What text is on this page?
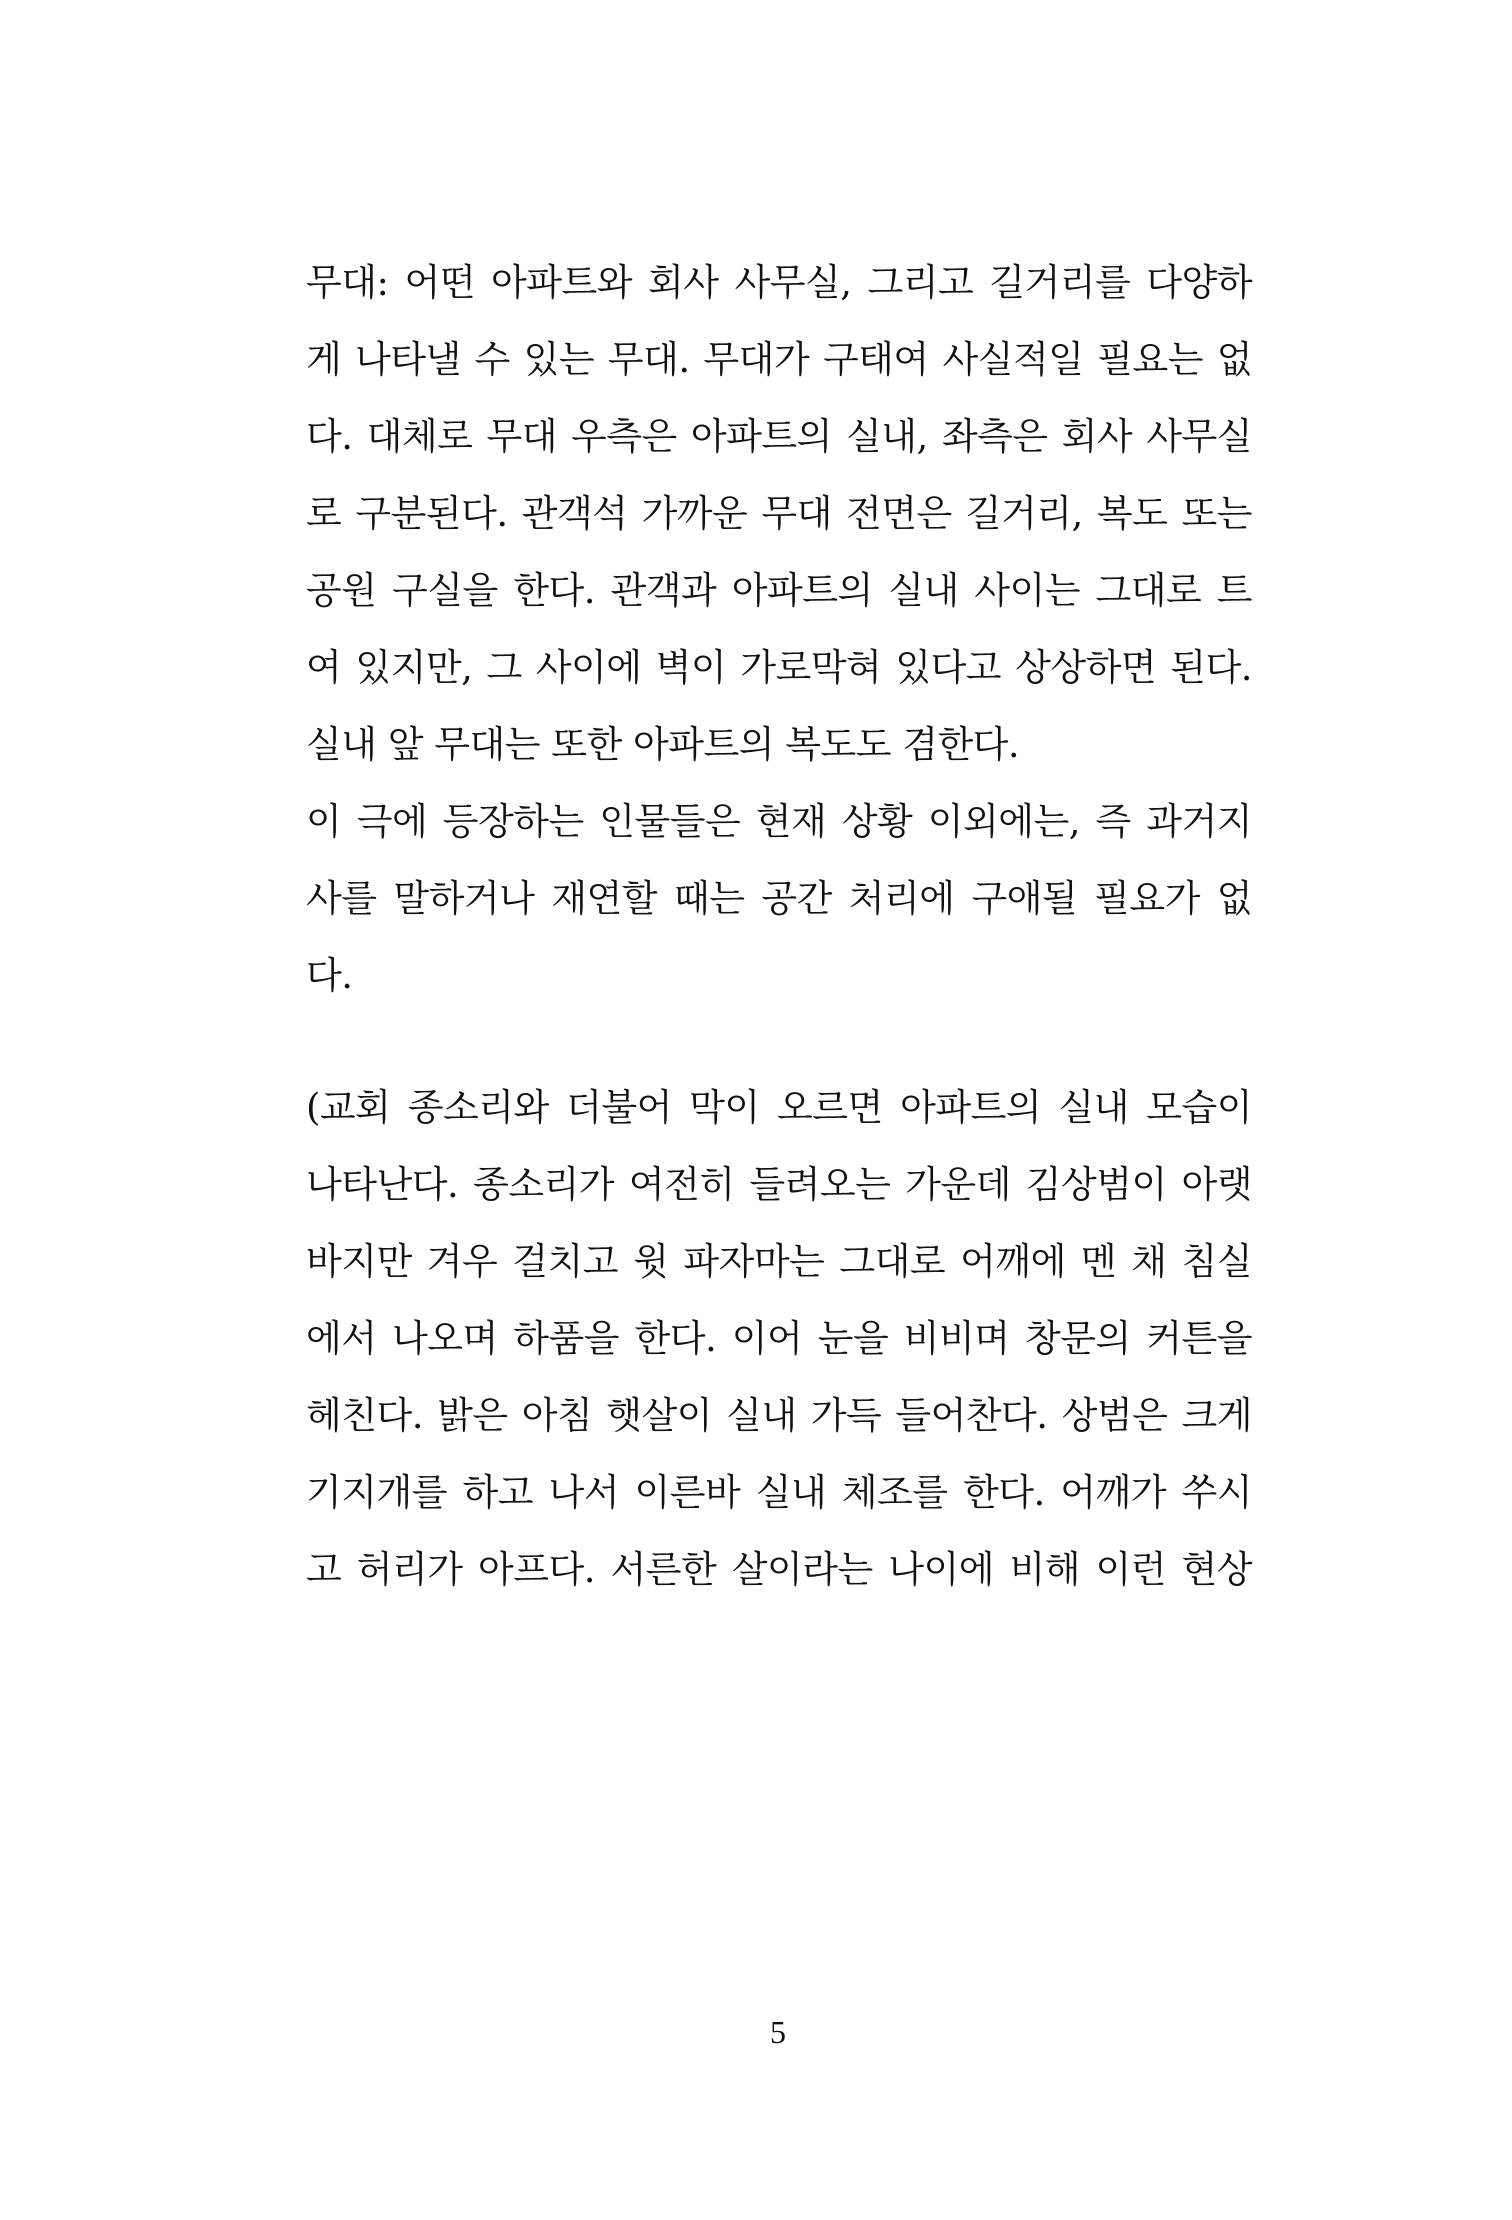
무대: 어떤 아파트와 회사 사무실, 그리고 길거리를 다양하
게 나타낼 수 있는 무대. 무대가 구태여 사실적일 필요는 없
다. 대체로 무대 우측은 아파트의 실내, 좌측은 회사 사무실
로 구분된다. 관객석 가까운 무대 전면은 길거리, 복도 또는
공원 구실을 한다. 관객과 아파트의 실내 사이는 그대로 트
여 있지만, 그 사이에 벽이 가로막혀 있다고 상상하면 된다.
실내 앞 무대는 또한 아파트의 복도도 겸한다.
이 극에 등장하는 인물들은 현재 상황 이외에는, 즉 과거지
사를 말하거나 재연할 때는 공간 처리에 구애될 필요가 없
다.
(교회 종소리와 더불어 막이 오르면 아파트의 실내 모습이
나타난다. 종소리가 여전히 들려오는 가운데 김상범이 아랫
바지만 겨우 걸치고 윗 파자마는 그대로 어깨에 멘 채 침실
에서 나오며 하품을 한다. 이어 눈을 비비며 창문의 커튼을
헤친다. 밝은 아침 햇살이 실내 가득 들어찬다. 상범은 크게
기지개를 하고 나서 이른바 실내 체조를 한다. 어깨가 쑤시
고 허리가 아프다. 서른한 살이라는 나이에 비해 이런 현상
5
